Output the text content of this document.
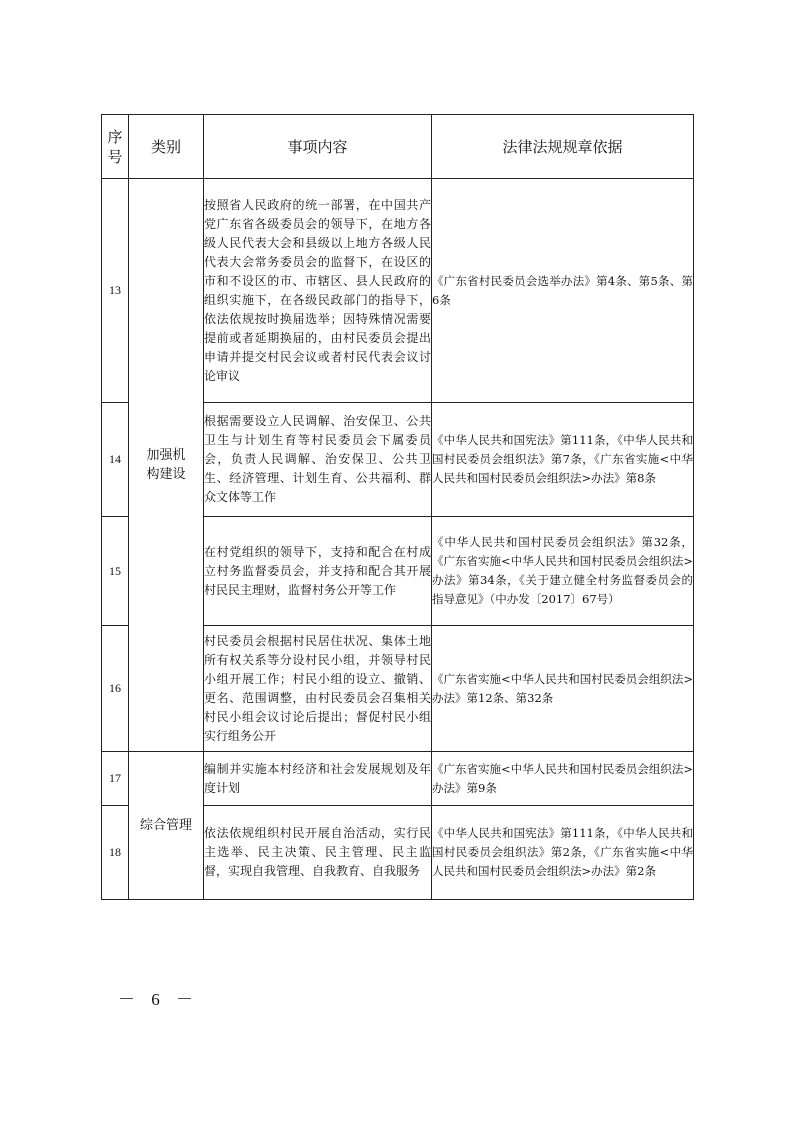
序号	类别	事项内容	法律法规规章依据
13	加强机构建设	按照省人民政府的统一部署，在中国共产党广东省各级委员会的领导下，在地方各级人民代表大会和县级以上地方各级人民代表大会常务委员会的监督下，在设区的市和不设区的市、市辖区、县人民政府的组织实施下，在各级民政部门的指导下，依法依规按时换届选举；因特殊情况需要提前或者延期换届的，由村民委员会提出申请并提交村民会议或者村民代表会议讨论审议	《广东省村民委员会选举办法》第4条、第5条、第6条
14		根据需要设立人民调解、治安保卫、公共卫生与计划生育等村民委员会下属委员会，负责人民调解、治安保卫、公共卫生、经济管理、计划生育、公共福利、群众文体等工作	《中华人民共和国宪法》第111条，《中华人民共和国村民委员会组织法》第7条，《广东省实施<中华人民共和国村民委员会组织法>办法》第8条
15		在村党组织的领导下，支持和配合在村成立村务监督委员会，并支持和配合其开展村民民主理财，监督村务公开等工作	《中华人民共和国村民委员会组织法》第32条，《广东省实施<中华人民共和国村民委员会组织法>办法》第34条，《关于建立健全村务监督委员会的指导意见》（中办发〔2017〕67号）
16		村民委员会根据村民居住状况、集体土地所有权关系等分设村民小组，并领导村民小组开展工作；村民小组的设立、撤销、更名、范围调整，由村民委员会召集相关村民小组会议讨论后提出；督促村民小组实行组务公开	《广东省实施<中华人民共和国村民委员会组织法>办法》第12条、第32条
17	综合管理	编制并实施本村经济和社会发展规划及年度计划	《广东省实施<中华人民共和国村民委员会组织法>办法》第9条
18		依法依规组织村民开展自治活动，实行民主选举、民主决策、民主管理、民主监督，实现自我管理、自我教育、自我服务	《中华人民共和国宪法》第111条，《中华人民共和国村民委员会组织法》第2条，《广东省实施<中华人民共和国村民委员会组织法>办法》第2条
－ 6 －
